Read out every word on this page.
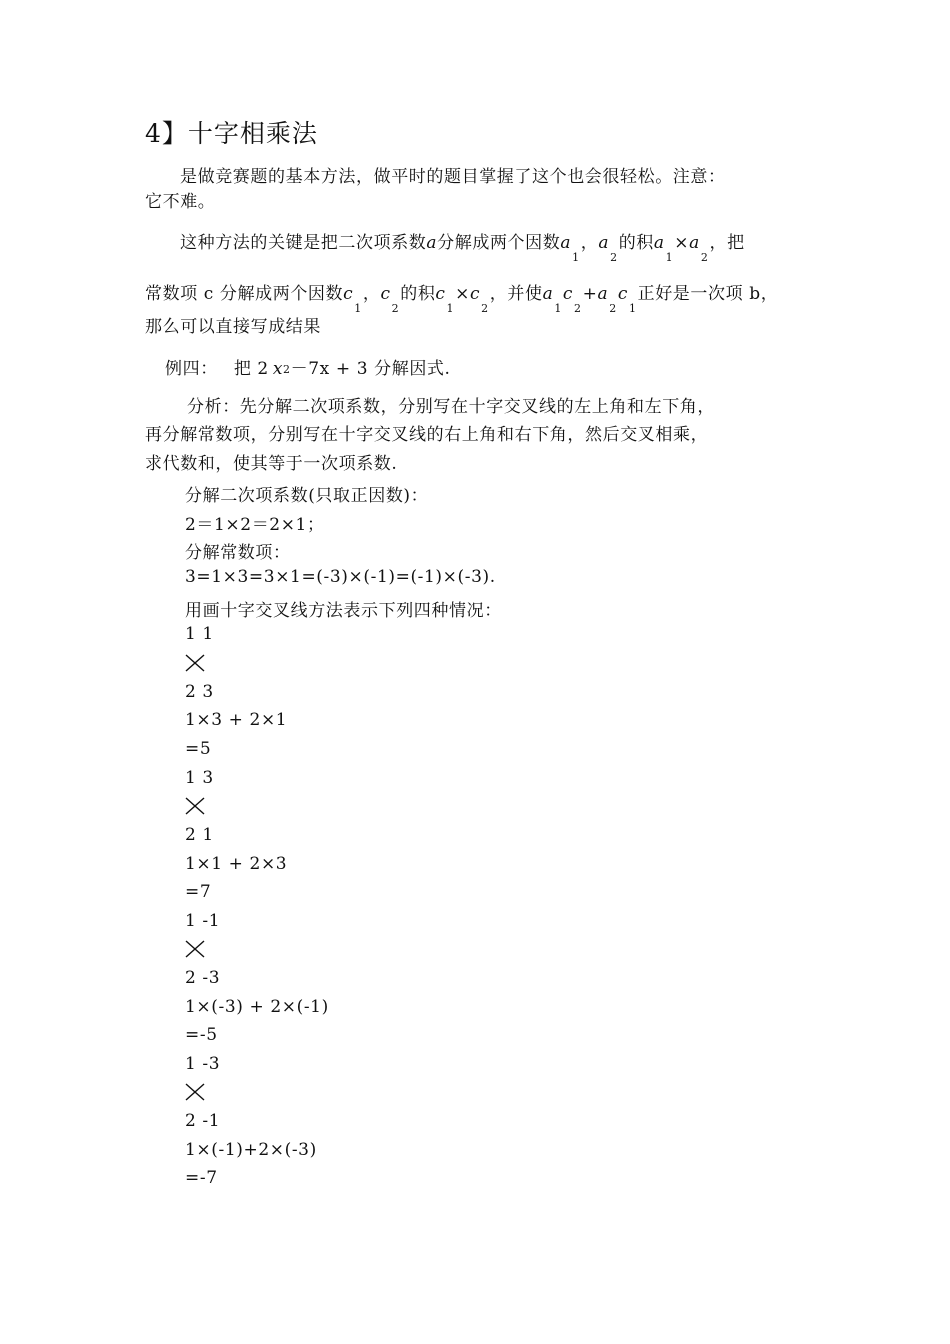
4】十字相乘法
是做竞赛题的基本方法，做平时的题目掌握了这个也会很轻松。注意：
它不难。
这种方法的关键是把二次项系数a分解成两个因数$a_1$，$a_2$的积$a_1\times a_2$，把
常数项 c 分解成两个因数$c_1$，$c_2$的积$c_1\times c_2$，并使$a_1c_2+a_2c_1$正好是一次项 b，
那么可以直接写成结果
例四： 把 2 x2－7x + 3 分解因式.
分析：先分解二次项系数，分别写在十字交叉线的左上角和左下角，
再分解常数项，分别写在十字交叉线的右上角和右下角，然后交叉相乘，
求代数和，使其等于一次项系数.
分解二次项系数(只取正因数)：
2＝1×2＝2×1；
分解常数项：
3=1×3=3×1=(-3)×(-1)=(-1)×(-3).
用画十字交叉线方法表示下列四种情况：
1 1
2 3
1×3 + 2×1
=5
1 3
2 1
1×1 + 2×3
=7
1 -1
2 -3
1×(-3) + 2×(-1)
=-5
1 -3
2 -1
1×(-1)+2×(-3)
=-7
